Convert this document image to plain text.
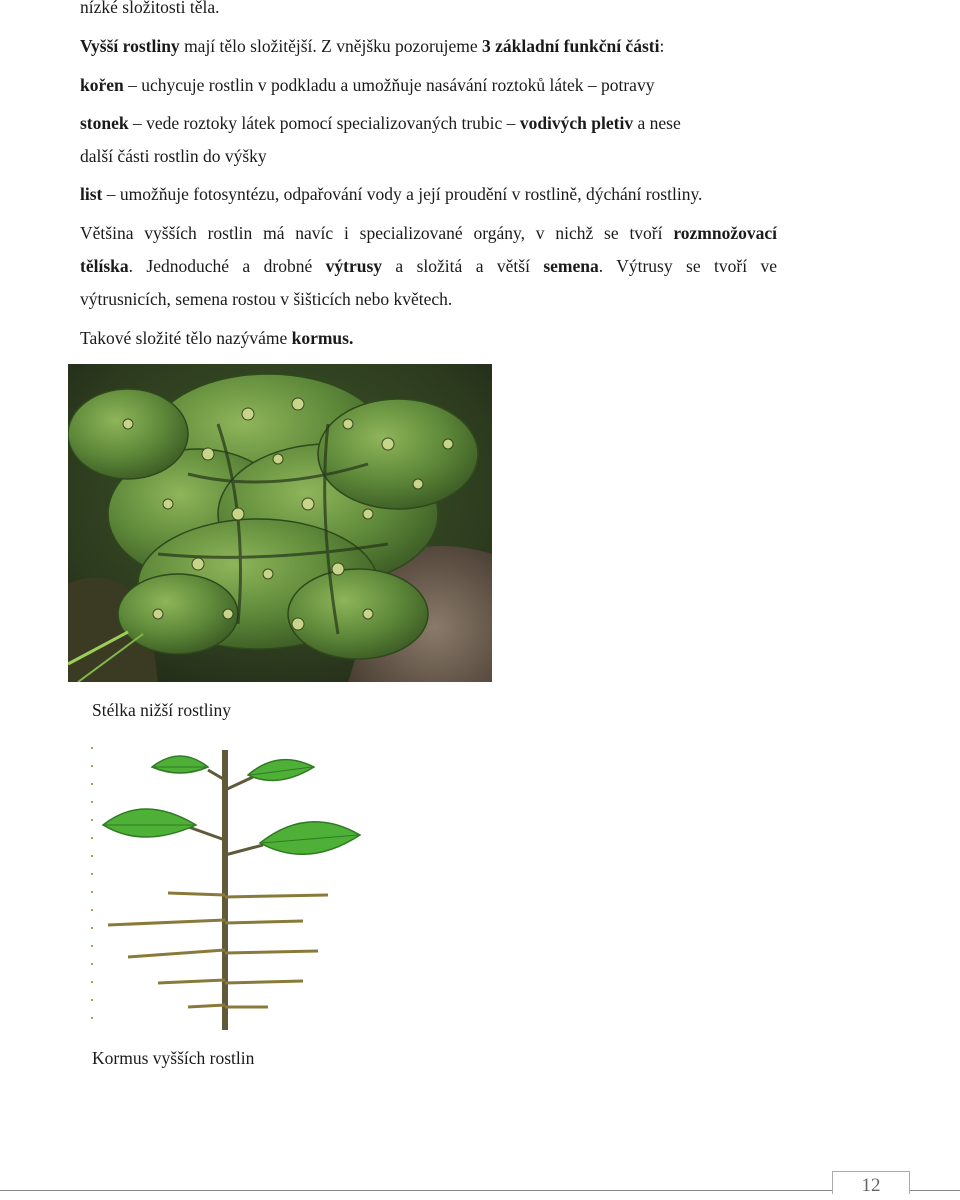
nízké složitosti těla.
Vyšší rostliny mají tělo složitější. Z vnějšku pozorujeme 3 základní funkční části:
kořen – uchycuje rostlin v podkladu a umožňuje nasávání roztoků látek – potravy
stonek – vede roztoky látek pomocí specializovaných trubic – vodivých pletiv a nese
další části rostlin do výšky
list – umožňuje fotosyntézu, odpařování vody a její proudění v rostlině, dýchání rostliny.
Většina vyšších rostlin má navíc i specializované orgány, v nichž se tvoří rozmnožovací
tělíska. Jednoduché a drobné výtrusy a složitá a větší semena. Výtrusy se tvoří ve
výtrusnicích, semena rostou v šišticích nebo květech.
Takové složité tělo nazýváme kormus.
Stélka nižší rostliny
Kormus vyšších rostlin
12
